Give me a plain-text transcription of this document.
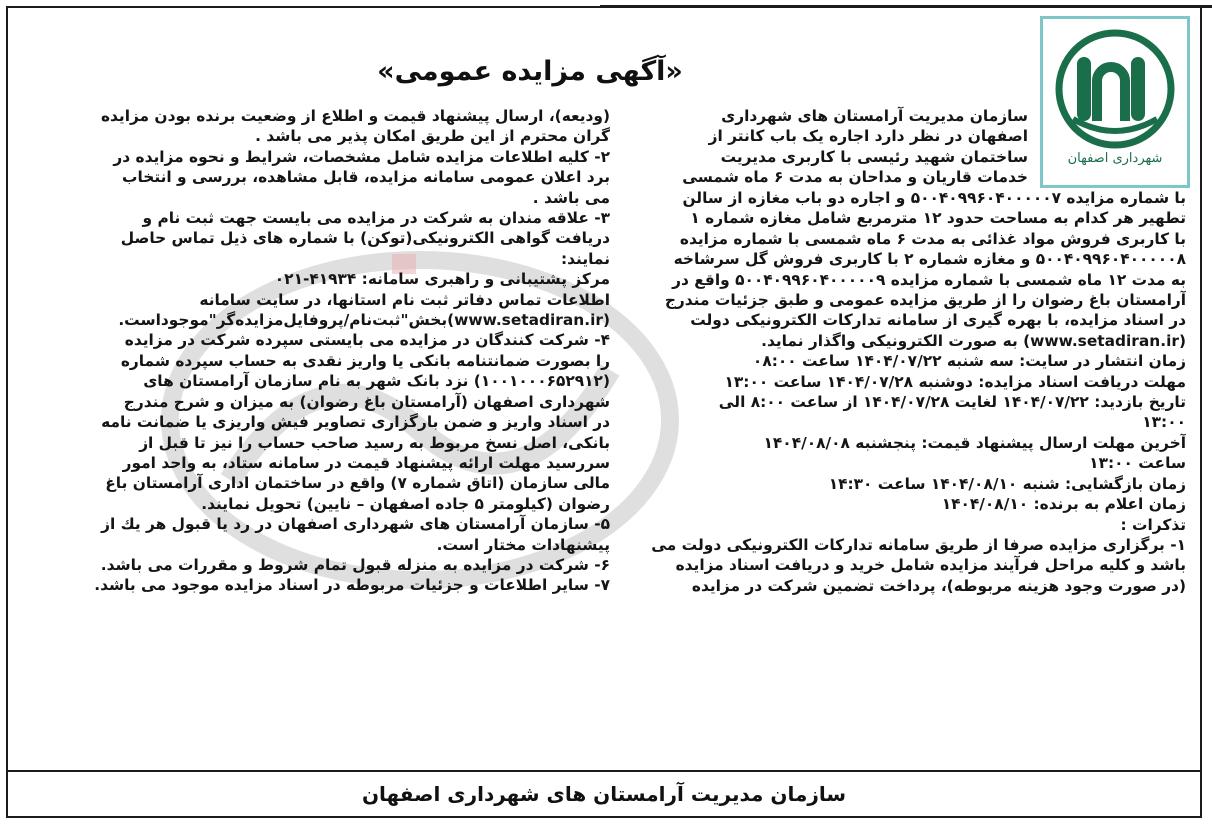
شهرداری اصفهان
«آگهی مزایده عمومی»
سازمان مدیریت آرامستان های شهرداری
اصفهان در نظر دارد اجاره یک باب کانتر از
ساختمان شهید رئیسی با کاربری مدیریت
خدمات قاریان و مداحان به مدت ۶ ماه شمسی
با شماره مزایده ۵۰۰۴۰۹۹۶۰۴۰۰۰۰۰۷ و اجاره دو باب مغازه از سالن
تطهیر هر کدام به مساحت حدود ۱۲ مترمربع شامل مغازه شماره ۱
با کاربری فروش مواد غذائی به مدت ۶ ماه شمسی با شماره مزایده
۵۰۰۴۰۹۹۶۰۴۰۰۰۰۰۸ و مغازه شماره ۲ با کاربری فروش گل سرشاخه
به مدت ۱۲ ماه شمسی با شماره مزایده ۵۰۰۴۰۹۹۶۰۴۰۰۰۰۰۹ واقع در
آرامستان باغ رضوان را از طریق مزایده عمومی و طبق جزئیات مندرج
در اسناد مزایده، با بهره گیری از سامانه تدارکات الکترونیکی دولت
(www.setadiran.ir) به صورت الکترونیکی واگذار نماید.
زمان انتشار در سایت: سه شنبه ۱۴۰۴/۰۷/۲۲ ساعت ۰۸:۰۰
مهلت دریافت اسناد مزایده: دوشنبه ۱۴۰۴/۰۷/۲۸ ساعت ۱۳:۰۰
تاریخ بازدید: ۱۴۰۴/۰۷/۲۲ لغایت ۱۴۰۴/۰۷/۲۸ از ساعت ۸:۰۰ الی
۱۳:۰۰
آخرین مهلت ارسال پیشنهاد قیمت: پنجشنبه ۱۴۰۴/۰۸/۰۸
ساعت ۱۳:۰۰
زمان بازگشایی: شنبه ۱۴۰۴/۰۸/۱۰ ساعت ۱۴:۳۰
زمان اعلام به برنده: ۱۴۰۴/۰۸/۱۰
تذکرات :
۱- برگزاری مزایده صرفا از طریق سامانه تدارکات الکترونیکی دولت می
باشد و کلیه مراحل فرآیند مزایده شامل خرید و دریافت اسناد مزایده
(در صورت وجود هزینه مربوطه)، پرداخت تضمین شرکت در مزایده
(ودیعه)، ارسال پیشنهاد قیمت و اطلاع از وضعیت برنده بودن مزایده
گران محترم از این طریق امکان پذیر می باشد .
۲- کلیه اطلاعات مزایده شامل مشخصات، شرایط و نحوه مزایده در
برد اعلان عمومی سامانه مزایده، قابل مشاهده، بررسی و انتخاب
می باشد .
۳- علاقه مندان به شرکت در مزایده می بایست جهت ثبت نام و
دریافت گواهی الکترونیکی(توکن) با شماره های ذیل تماس حاصل
نمایند:
مرکز پشتیبانی و راهبری سامانه: ۴۱۹۳۴-۰۲۱
اطلاعات تماس دفاتر ثبت نام استانها، در سایت سامانه
(www.setadiran.ir)بخش"ثبت‌نام/پروفایل‌مزایده‌گر"موجوداست.
۴- شرکت کنندگان در مزایده می بایستی سپرده شرکت در مزایده
را بصورت ضمانتنامه بانکی یا واریز نقدی به حساب سپرده شماره
(۱۰۰۱۰۰۰۶۵۲۹۱۲) نزد بانک شهر به نام سازمان آرامستان های
شهرداری اصفهان (آرامستان باغ رضوان) به میزان و شرح مندرج
در اسناد واریز و ضمن بارگزاری تصاویر فیش واریزی یا ضمانت نامه
بانکی، اصل نسخ مربوط به رسید صاحب حساب را نیز تا قبل از
سررسید مهلت ارائه پیشنهاد قیمت در سامانه ستاد، به واحد امور
مالی سازمان (اتاق شماره ۷) واقع در ساختمان اداری آرامستان باغ
رضوان (کیلومتر ۵ جاده اصفهان – نایین) تحویل نمایند.
۵- سازمان آرامستان های شهرداری اصفهان در رد یا قبول هر یك از
پیشنهادات مختار است.
۶- شرکت در مزایده به منزله قبول تمام شروط و مقررات می باشد.
۷- سایر اطلاعات و جزئیات مربوطه در اسناد مزایده موجود می باشد.
سازمان مدیریت آرامستان های شهرداری اصفهان
